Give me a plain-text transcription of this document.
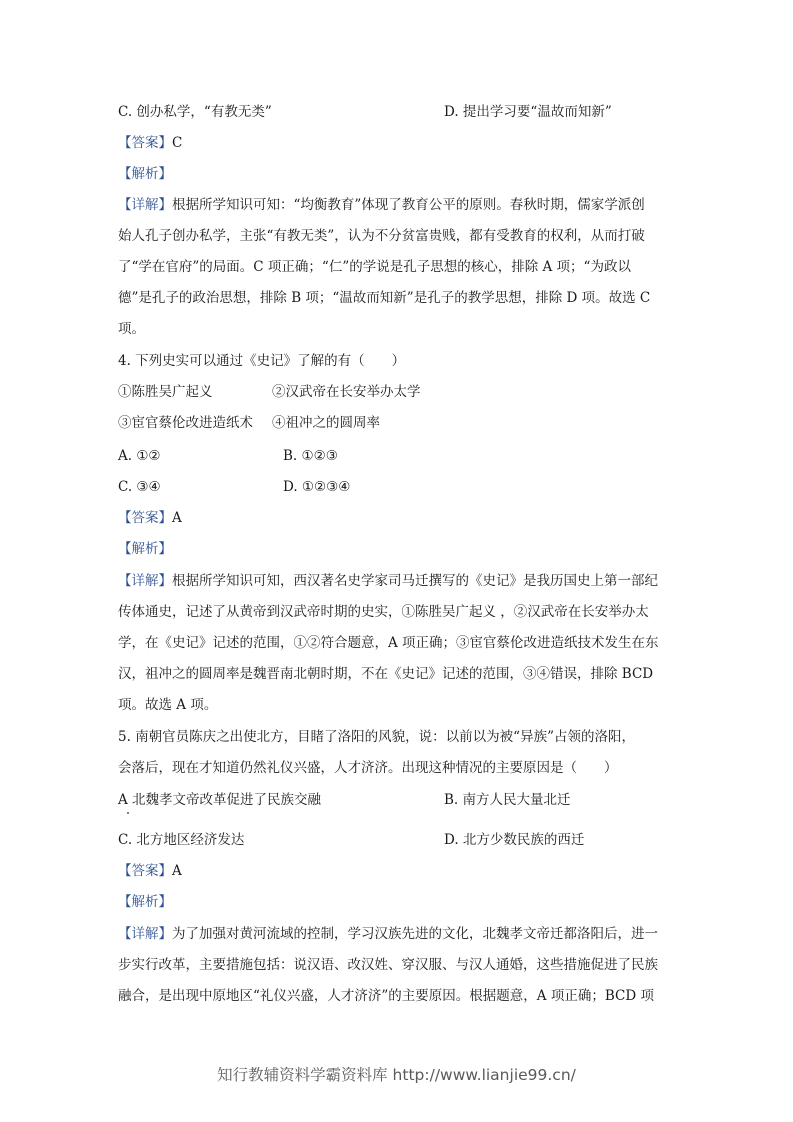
C. 创办私学，“有教无类”	D. 提出学习要“温故而知新”
【答案】C
【解析】
【详解】根据所学知识可知：“均衡教育”体现了教育公平的原则。春秋时期，儒家学派创
始人孔子创办私学，主张“有教无类”，认为不分贫富贵贱，都有受教育的权利，从而打破
了“学在官府”的局面。C 项正确；“仁”的学说是孔子思想的核心，排除 A 项；“为政以
德”是孔子的政治思想，排除 B 项；“温故而知新”是孔子的教学思想，排除 D 项。故选 C
项。
4. 下列史实可以通过《史记》了解的有（　　）
①陈胜吴广起义	②汉武帝在长安举办太学
③宦官蔡伦改进造纸术 ④祖冲之的圆周率
A. ①②	B. ①②③
C. ③④	D. ①②③④
【答案】A
【解析】
【详解】根据所学知识可知，西汉著名史学家司马迁撰写的《史记》是我历国史上第一部纪
传体通史，记述了从黄帝到汉武帝时期的史实，①陈胜吴广起义 ，②汉武帝在长安举办太
学，在《史记》记述的范围，①②符合题意，A 项正确；③宦官蔡伦改进造纸技术发生在东
汉，祖冲之的圆周率是魏晋南北朝时期，不在《史记》记述的范围，③④错误，排除 BCD
项。故选 A 项。
5. 南朝官员陈庆之出使北方，目睹了洛阳的风貌，说：以前以为被“异族”占领的洛阳，
会落后，现在才知道仍然礼仪兴盛，人才济济。出现这种情况的主要原因是（　　）
A 北魏孝文帝改革促进了民族交融	B. 南方人民大量北迁
C. 北方地区经济发达	D. 北方少数民族的西迁
【答案】A
【解析】
【详解】为了加强对黄河流域的控制，学习汉族先进的文化，北魏孝文帝迁都洛阳后，进一
步实行改革，主要措施包括：说汉语、改汉姓、穿汉服、与汉人通婚，这些措施促进了民族
融合，是出现中原地区“礼仪兴盛，人才济济”的主要原因。根据题意，A 项正确；BCD 项
知行教辅资料学霸资料库 http://www.lianjie99.cn/
